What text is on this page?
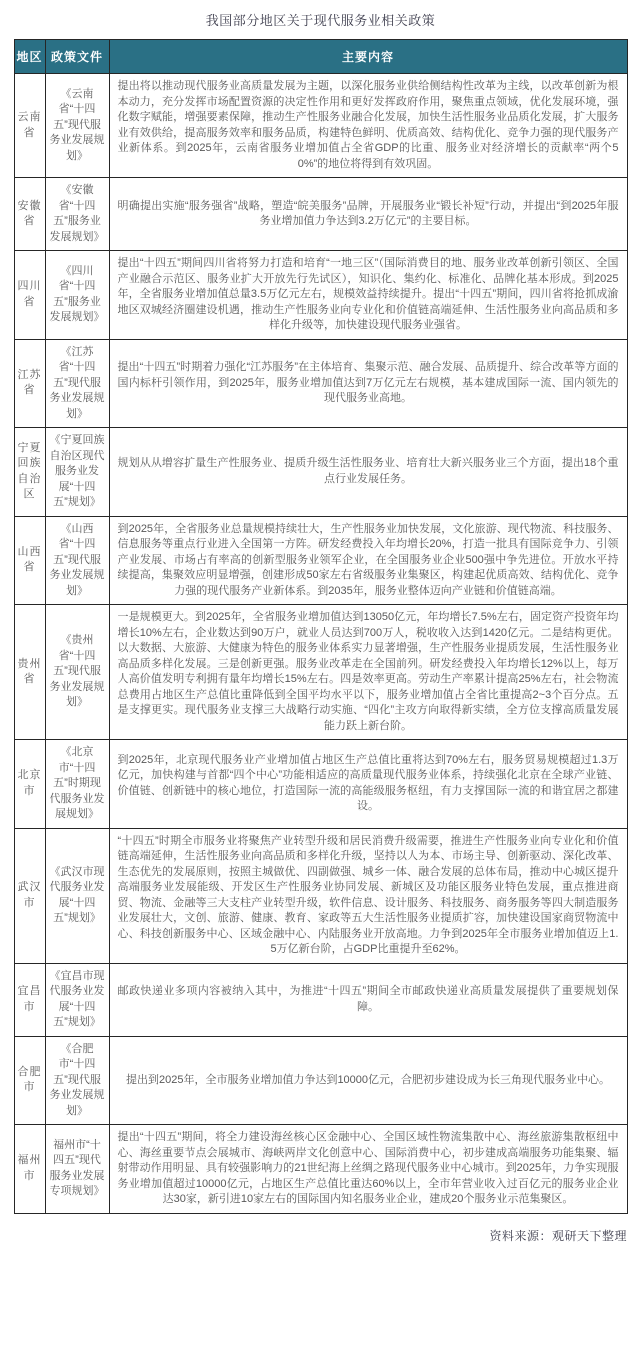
我国部分地区关于现代服务业相关政策
地区	政策文件	主要内容
云南省	《云南省“十四五”现代服务业发展规划》	提出将以推动现代服务业高质量发展为主题，以深化服务业供给侧结构性改革为主线，以改革创新为根本动力，充分发挥市场配置资源的决定性作用和更好发挥政府作用，聚焦重点领域，优化发展环境，强化数字赋能，增强要素保障，推动生产性服务业融合化发展，加快生活性服务业品质化发展，扩大服务业有效供给，提高服务效率和服务品质，构建特色鲜明、优质高效、结构优化、竞争力强的现代服务产业新体系。到2025年，云南省服务业增加值占全省GDP的比重、服务业对经济增长的贡献率“两个50%”的地位将得到有效巩固。
安徽省	《安徽省“十四五”服务业发展规划》	明确提出实施“服务强省”战略，塑造“皖美服务”品牌，开展服务业“锻长补短”行动，并提出“到2025年服务业增加值力争达到3.2万亿元”的主要目标。
四川省	《四川省“十四五”服务业发展规划》	提出“十四五”期间四川省将努力打造和培育“一地三区”（国际消费目的地、服务业改革创新引领区、全国产业融合示范区、服务业扩大开放先行先试区），知识化、集约化、标准化、品牌化基本形成。到2025年，全省服务业增加值总量3.5万亿元左右，规模效益持续提升。提出“十四五”期间，四川省将抢抓成渝地区双城经济圈建设机遇，推动生产性服务业向专业化和价值链高端延伸、生活性服务业向高品质和多样化升级等，加快建设现代服务业强省。
江苏省	《江苏省“十四五”现代服务业发展规划》	提出“十四五”时期着力强化“江苏服务”在主体培育、集聚示范、融合发展、品质提升、综合改革等方面的国内标杆引领作用，到2025年，服务业增加值达到7万亿元左右规模，基本建成国际一流、国内领先的现代服务业高地。
宁夏回族自治区	《宁夏回族自治区现代服务业发展“十四五”规划》	规划从从增容扩量生产性服务业、提质升级生活性服务业、培育壮大新兴服务业三个方面，提出18个重点行业发展任务。
山西省	《山西省“十四五”现代服务业发展规划》	到2025年，全省服务业总量规模持续壮大，生产性服务业加快发展，文化旅游、现代物流、科技服务、信息服务等重点行业进入全国第一方阵。研发经费投入年均增长20%，打造一批具有国际竞争力、引领产业发展、市场占有率高的创新型服务业领军企业，在全国服务业企业500强中争先进位。开放水平持续提高，集聚效应明显增强，创建形成50家左右省级服务业集聚区，构建起优质高效、结构优化、竞争力强的现代服务产业新体系。到2035年，服务业整体迈向产业链和价值链高端。
贵州省	《贵州省“十四五”现代服务业发展规划》	一是规模更大。到2025年，全省服务业增加值达到13050亿元，年均增长7.5%左右，固定资产投资年均增长10%左右，企业数达到90万户，就业人员达到700万人，税收收入达到1420亿元。二是结构更优。以大数据、大旅游、大健康为特色的服务业体系实力显著增强，生产性服务业提质发展，生活性服务业高品质多样化发展。三是创新更强。服务业改革走在全国前列。研发经费投入年均增长12%以上，每万人高价值发明专利拥有量年均增长15%左右。四是效率更高。劳动生产率累计提高25%左右，社会物流总费用占地区生产总值比重降低到全国平均水平以下，服务业增加值占全省比重提高2~3个百分点。五是支撑更实。现代服务业支撑三大战略行动实施、“四化”主攻方向取得新实绩，全方位支撑高质量发展能力跃上新台阶。
北京市	《北京市“十四五”时期现代服务业发展规划》	到2025年，北京现代服务业产业增加值占地区生产总值比重将达到70%左右，服务贸易规模超过1.3万亿元，加快构建与首都“四个中心”功能相适应的高质量现代服务业体系，持续强化北京在全球产业链、价值链、创新链中的核心地位，打造国际一流的高能级服务枢纽，有力支撑国际一流的和谐宜居之都建设。
武汉市	《武汉市现代服务业发展“十四五”规划》	“十四五”时期全市服务业将聚焦产业转型升级和居民消费升级需要，推进生产性服务业向专业化和价值链高端延伸，生活性服务业向高品质和多样化升级，坚持以人为本、市场主导、创新驱动、深化改革、生态优先的发展原则，按照主城做优、四副做强、城乡一体、融合发展的总体布局，推动中心城区提升高端服务业发展能级、开发区生产性服务业协同发展、新城区及功能区服务业特色发展，重点推进商贸、物流、金融等三大支柱产业转型升级，软件信息、设计服务、科技服务、商务服务等四大制造服务业发展壮大，文创、旅游、健康、教育、家政等五大生活性服务业提质扩容，加快建设国家商贸物流中心、科技创新服务中心、区域金融中心、内陆服务业开放高地。力争到2025年全市服务业增加值迈上1.5万亿新台阶，占GDP比重提升至62%。
宜昌市	《宜昌市现代服务业发展“十四五”规划》	邮政快递业多项内容被纳入其中，为推进“十四五”期间全市邮政快递业高质量发展提供了重要规划保障。
合肥市	《合肥市“十四五”现代服务业发展规划》	提出到2025年，全市服务业增加值力争达到10000亿元，合肥初步建设成为长三角现代服务业中心。
福州市	福州市“十四五”现代服务业发展专项规划》	提出“十四五”期间，将全力建设海丝核心区金融中心、全国区域性物流集散中心、海丝旅游集散枢纽中心、海丝重要节点会展城市、海峡两岸文化创意中心、国际消费中心，初步建成高端服务功能集聚、辐射带动作用明显、具有较强影响力的21世纪海上丝绸之路现代服务业中心城市。到2025年，力争实现服务业增加值超过10000亿元，占地区生产总值比重达60%以上，全市年营业收入过百亿元的服务业企业达30家，新引进10家左右的国际国内知名服务业企业，建成20个服务业示范集聚区。
资料来源：观研天下整理
